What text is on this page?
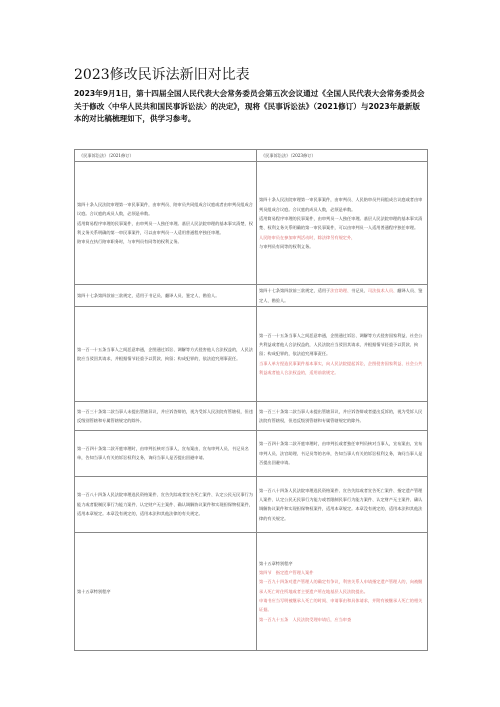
2023修改民诉法新旧对比表
2023年9月1日，第十四届全国人民代表大会常务委员会第五次会议通过《全国人民代表大会常务委员会关于修改〈中华人民共和国民事诉讼法〉的决定》，现将《民事诉讼法》（2021修订）与2023年最新版本的对比稿梳理如下，供学习参考。
《民事诉讼法》（2021修订）	《民事诉讼法》（2023修订）

第四十条人民法院审理第一审民事案件，由审判员、陪审员共同组成合议庭或者由审判员组成合议庭。合议庭的成员人数，必须是单数。
适用简易程序审理的民事案件，由审判员一人独任审理。基层人民法院审理的基本事实清楚、权利义务关系明确的第一审民事案件，可以由审判员一人适用普通程序独任审理。
陪审员在执行陪审职务时，与审判员有同等的权利义务。	第四十条人民法院审理第一审民事案件，由审判员、人民陪审员共同组成合议庭或者由审判员组成合议庭。合议庭的成员人数，必须是单数。
适用简易程序审理的民事案件，由审判员一人独任审理。基层人民法院审理的基本事实清楚、权利义务关系明确的第一审民事案件，可以由审判员一人适用普通程序独任审理。
人民陪审员在参加审判活动时，除法律另有规定外，
与审判员有同等的权利义务。

第四十七条第四款前三款规定，适用于书记员、翻译人员、鉴定人、勘验人。	第四十七条第四款前三款规定，适用于法官助理、书记员、司法技术人员、翻译人员、鉴定人、勘验人。

第一百一十五条当事人之间恶意串通，企图通过诉讼、调解等方式侵害他人合法权益的，人民法院应当驳回其请求，并根据情节轻重予以罚款、拘留；构成犯罪的，依法追究刑事责任。	第一百一十五条当事人之间恶意串通，企图通过诉讼、调解等方式侵害国家利益、社会公共利益或者他人合法权益的，人民法院应当驳回其请求，并根据情节轻重予以罚款、拘留；构成犯罪的，依法追究刑事责任。
当事人单方捏造民事案件基本事实，向人民法院提起诉讼，企图侵害国家利益、社会公共利益或者他人合法权益的，适用前款规定。

第一百三十条第二款当事人未提出管辖异议，并应诉答辩的，视为受诉人民法院有管辖权，但违反级别管辖和专属管辖规定的除外。	第一百三十条第二款当事人未提出管辖异议，并应诉答辩或者提出反诉的，视为受诉人民法院有管辖权，但违反级别管辖和专属管辖规定的除外。

第一百四十条第二款开庭审理时，由审判长核对当事人，宣布案由，宣布审判人员、书记员名单，告知当事人有关的诉讼权利义务，询问当事人是否提出回避申请。	第一百四十条第二款开庭审理时，由审判长或者独任审判员核对当事人，宣布案由，宣布审判人员、法官助理、书记员等的名单，告知当事人有关的诉讼权利义务，询问当事人是否提出回避申请。

第一百八十四条人民法院审理选民资格案件、宣告失踪或者宣告死亡案件、认定公民无民事行为能力或者限制民事行为能力案件、认定财产无主案件、确认调解协议案件和实现担保物权案件，适用本章规定。本章没有规定的，适用本法和其他法律的有关规定。	第一百八十四条人民法院审理选民资格案件、宣告失踪或者宣告死亡案件、指定遗产管理人案件、认定公民无民事行为能力或者限制民事行为能力案件、认定财产无主案件、确认调解协议案件和实现担保物权案件，适用本章规定。本章没有规定的，适用本法和其他法律的有关规定。

第十五章特别程序	第十五章特别程序
第四节　指定遗产管理人案件
第一百九十四条对遗产管理人的确定有争议，利害关系人申请指定遗产管理人的，向被继承人死亡时住所地或者主要遗产所在地基层人民法院提出。
申请书应当写明被继承人死亡的时间、申请事由和具体请求，并附有被继承人死亡的相关证据。
第一百九十五条　人民法院受理申请后，应当审查
